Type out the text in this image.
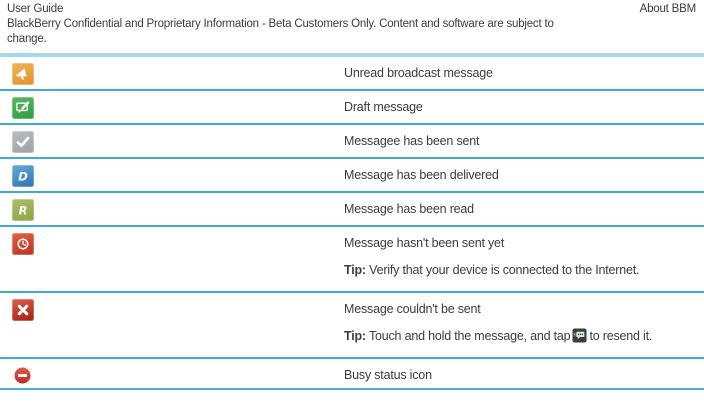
User Guide	About BBM
BlackBerry Confidential and Proprietary Information - Beta Customers Only. Content and software are subject to change.
Unread broadcast message
Draft message
Messagee has been sent
D	Message has been delivered
R	Message has been read
Message hasn't been sent yet
Tip: Verify that your device is connected to the Internet.
Message couldn't be sent
Tip: Touch and hold the message, and tap to resend it.
Busy status icon
